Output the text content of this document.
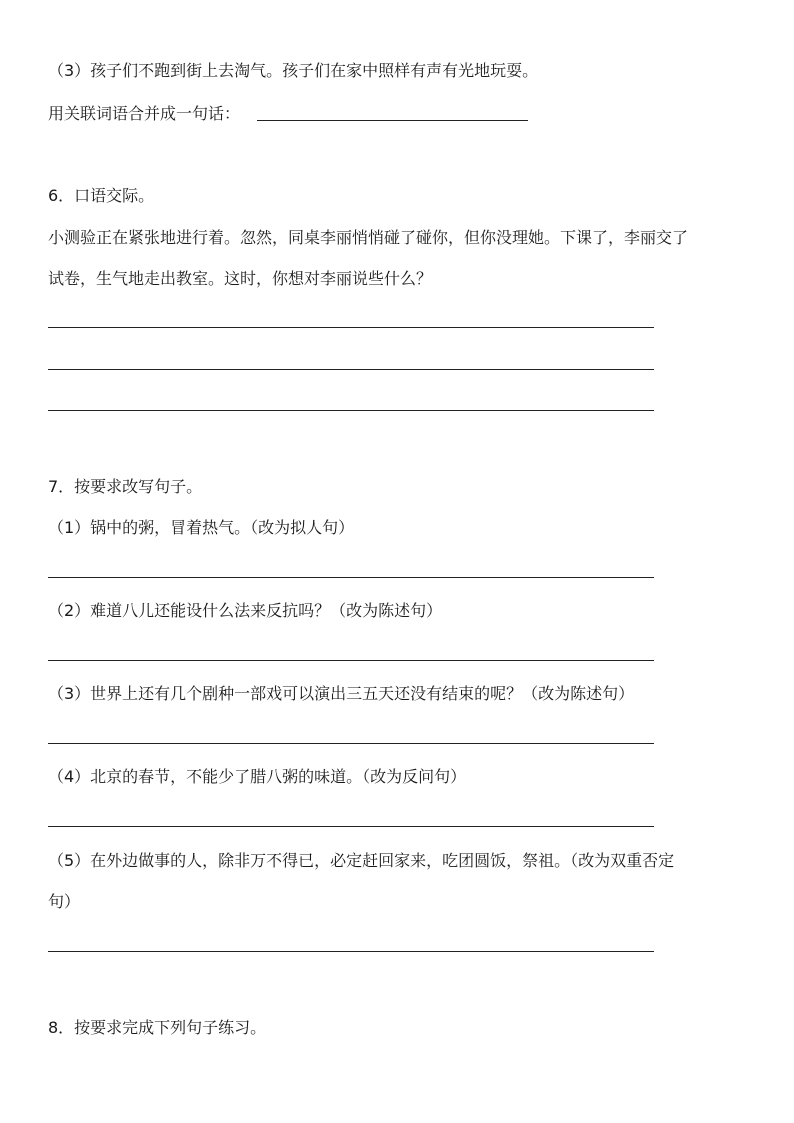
（3）孩子们不跑到街上去淘气。孩子们在家中照样有声有光地玩耍。
用关联词语合并成一句话：
6．口语交际。
小测验正在紧张地进行着。忽然，同桌李丽悄悄碰了碰你，但你没理她。下课了，李丽交了
试卷，生气地走出教室。这时，你想对李丽说些什么？
7．按要求改写句子。
（1）锅中的粥，冒着热气。（改为拟人句）
（2）难道八儿还能设什么法来反抗吗？（改为陈述句）
（3）世界上还有几个剧种一部戏可以演出三五天还没有结束的呢？（改为陈述句）
（4）北京的春节，不能少了腊八粥的味道。（改为反问句）
（5）在外边做事的人，除非万不得已，必定赶回家来，吃团圆饭，祭祖。（改为双重否定
句）
8．按要求完成下列句子练习。
